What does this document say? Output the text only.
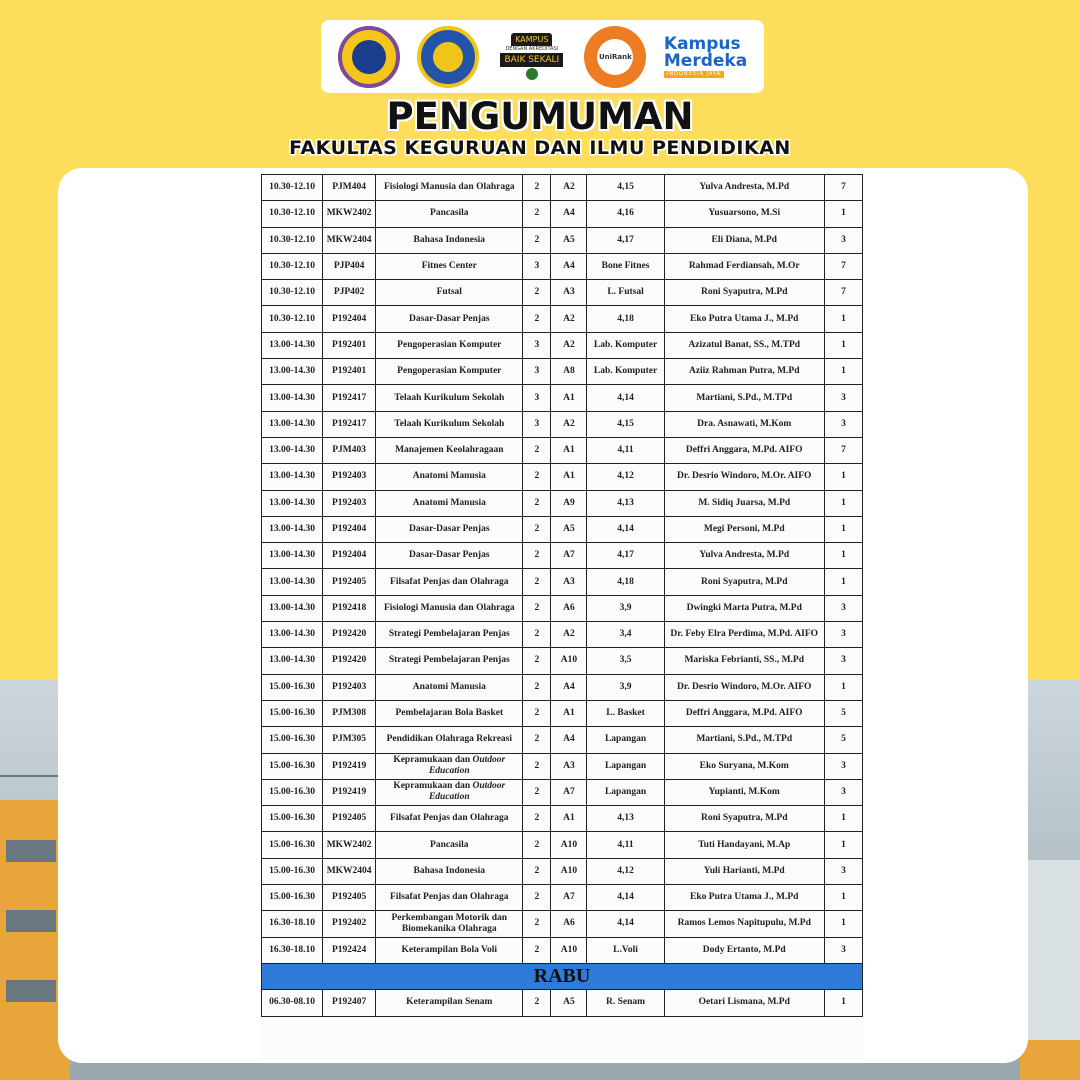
KAMPUS
DENGAN AKREDITASI
BAIK SEKALI	UniRank
Kampus
Merdeka
INDONESIA JAYA
PENGUMUMAN
FAKULTAS KEGURUAN DAN ILMU PENDIDIKAN
10.30-12.10	PJM404	Fisiologi Manusia dan Olahraga	2	A2	4,15	Yulva Andresta, M.Pd	7
10.30-12.10	MKW2402	Pancasila	2	A4	4,16	Yusuarsono, M.Si	1
10.30-12.10	MKW2404	Bahasa Indonesia	2	A5	4,17	Eli Diana, M.Pd	3
10.30-12.10	PJP404	Fitnes Center	3	A4	Bone Fitnes	Rahmad Ferdiansah, M.Or	7
10.30-12.10	PJP402	Futsal	2	A3	L. Futsal	Roni Syaputra, M.Pd	7
10.30-12.10	P192404	Dasar-Dasar Penjas	2	A2	4,18	Eko Putra Utama J., M.Pd	1
13.00-14.30	P192401	Pengoperasian Komputer	3	A2	Lab. Komputer	Azizatul Banat, SS., M.TPd	1
13.00-14.30	P192401	Pengoperasian Komputer	3	A8	Lab. Komputer	Aziiz Rahman Putra, M.Pd	1
13.00-14.30	P192417	Telaah Kurikulum Sekolah	3	A1	4,14	Martiani, S.Pd., M.TPd	3
13.00-14.30	P192417	Telaah Kurikulum Sekolah	3	A2	4,15	Dra. Asnawati, M.Kom	3
13.00-14.30	PJM403	Manajemen Keolahragaan	2	A1	4,11	Deffri Anggara, M.Pd. AIFO	7
13.00-14.30	P192403	Anatomi Manusia	2	A1	4,12	Dr. Desrio Windoro, M.Or. AIFO	1
13.00-14.30	P192403	Anatomi Manusia	2	A9	4,13	M. Sidiq Juarsa, M.Pd	1
13.00-14.30	P192404	Dasar-Dasar Penjas	2	A5	4,14	Megi Personi, M.Pd	1
13.00-14.30	P192404	Dasar-Dasar Penjas	2	A7	4,17	Yulva Andresta, M.Pd	1
13.00-14.30	P192405	Filsafat Penjas dan Olahraga	2	A3	4,18	Roni Syaputra, M.Pd	1
13.00-14.30	P192418	Fisiologi Manusia dan Olahraga	2	A6	3,9	Dwingki Marta Putra, M.Pd	3
13.00-14.30	P192420	Strategi Pembelajaran Penjas	2	A2	3,4	Dr. Feby Elra Perdima, M.Pd. AIFO	3
13.00-14.30	P192420	Strategi Pembelajaran Penjas	2	A10	3,5	Mariska Febrianti, SS., M.Pd	3
15.00-16.30	P192403	Anatomi Manusia	2	A4	3,9	Dr. Desrio Windoro, M.Or. AIFO	1
15.00-16.30	PJM308	Pembelajaran Bola Basket	2	A1	L. Basket	Deffri Anggara, M.Pd. AIFO	5
15.00-16.30	PJM305	Pendidikan Olahraga Rekreasi	2	A4	Lapangan	Martiani, S.Pd., M.TPd	5
15.00-16.30	P192419	Kepramukaan dan Outdoor Education	2	A3	Lapangan	Eko Suryana, M.Kom	3
15.00-16.30	P192419	Kepramukaan dan Outdoor Education	2	A7	Lapangan	Yupianti, M.Kom	3
15.00-16.30	P192405	Filsafat Penjas dan Olahraga	2	A1	4,13	Roni Syaputra, M.Pd	1
15.00-16.30	MKW2402	Pancasila	2	A10	4,11	Tuti Handayani, M.Ap	1
15.00-16.30	MKW2404	Bahasa Indonesia	2	A10	4,12	Yuli Harianti, M.Pd	3
15.00-16.30	P192405	Filsafat Penjas dan Olahraga	2	A7	4,14	Eko Putra Utama J., M.Pd	1
16.30-18.10	P192402	Perkembangan Motorik dan Biomekanika Olahraga	2	A6	4,14	Ramos Lemos Napitupulu, M.Pd	1
16.30-18.10	P192424	Keterampilan Bola Voli	2	A10	L.Voli	Dody Ertanto, M.Pd	3
RABU							
06.30-08.10	P192407	Keterampilan Senam	2	A5	R. Senam	Oetari Lismana, M.Pd	1
